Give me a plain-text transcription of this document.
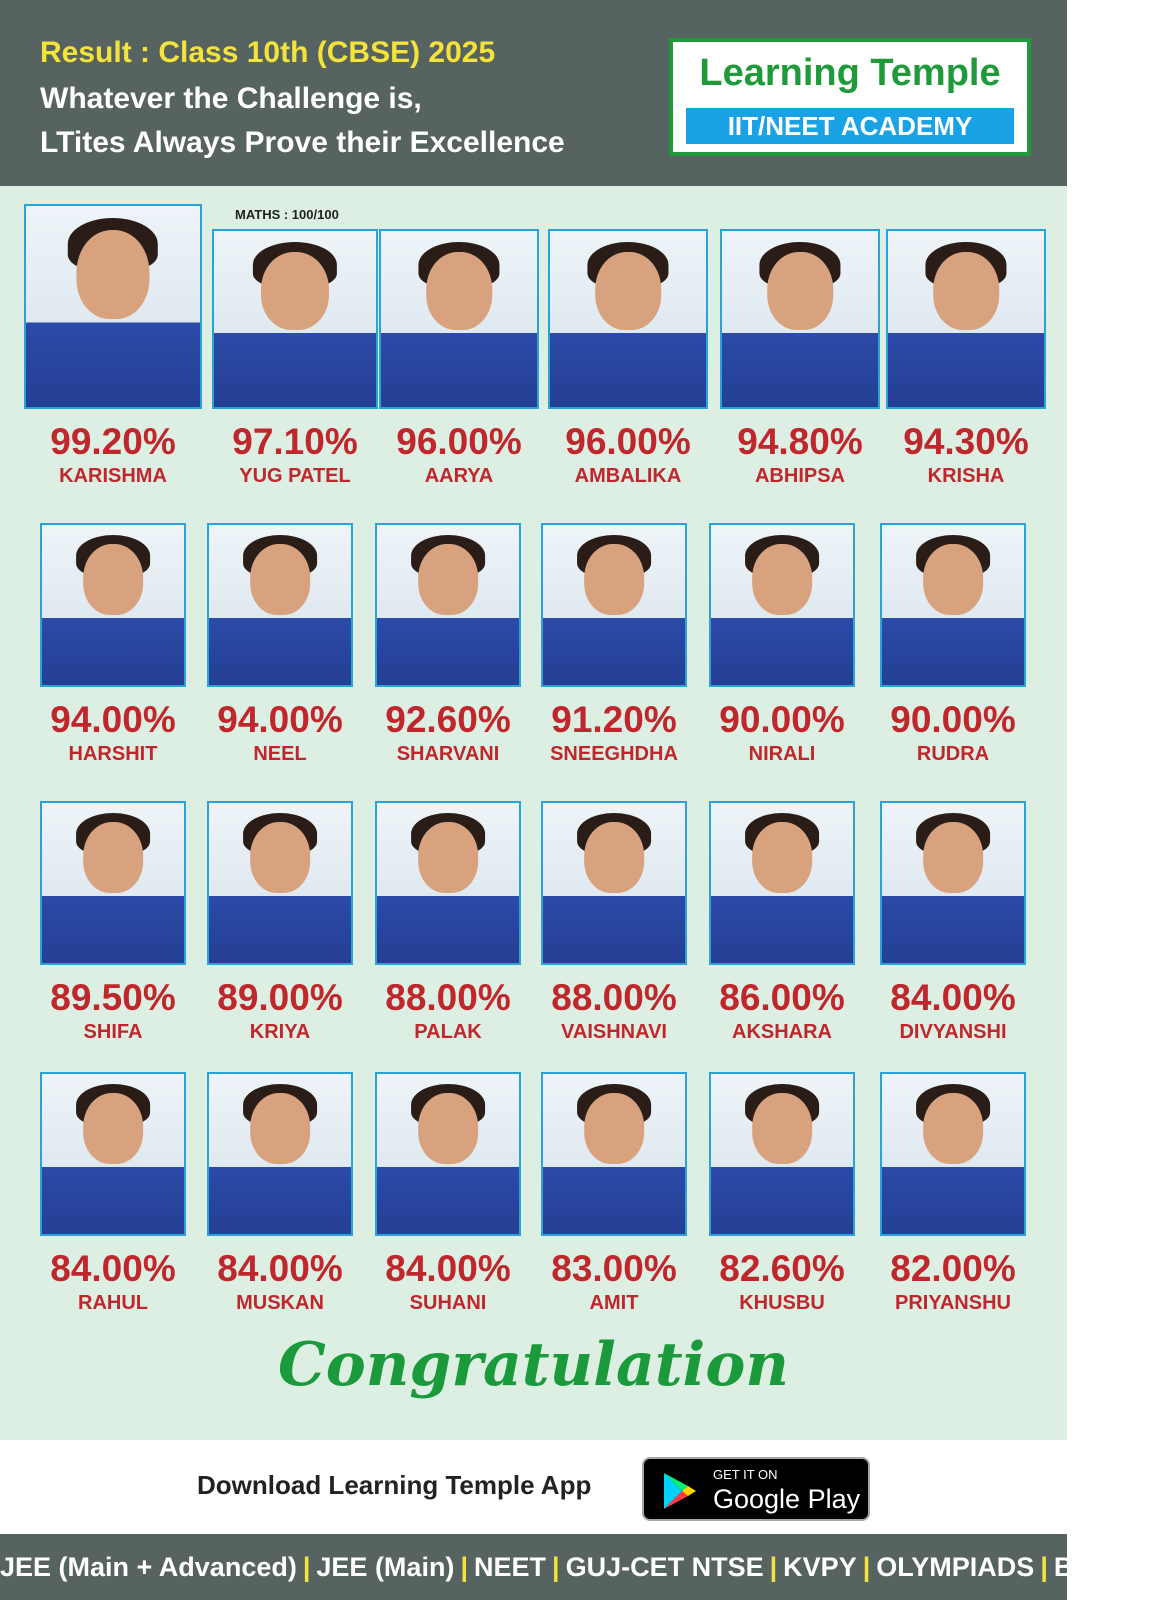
Result : Class 10th (CBSE) 2025
Whatever the Challenge is,
LTites Always Prove their Excellence
Learning Temple
IIT/NEET ACADEMY
MATHS : 100/100
99.20%
KARISHMA
97.10%
YUG PATEL
96.00%
AARYA
96.00%
AMBALIKA
94.80%
ABHIPSA
94.30%
KRISHA
94.00%
HARSHIT
94.00%
NEEL
92.60%
SHARVANI
91.20%
SNEEGHDHA
90.00%
NIRALI
90.00%
RUDRA
89.50%
SHIFA
89.00%
KRIYA
88.00%
PALAK
88.00%
VAISHNAVI
86.00%
AKSHARA
84.00%
DIVYANSHI
84.00%
RAHUL
84.00%
MUSKAN
84.00%
SUHANI
83.00%
AMIT
82.60%
KHUSBU
82.00%
PRIYANSHU
Congratulation
Download Learning Temple App	GET IT ON
Google Play
JEE (Main + Advanced) | JEE (Main) | NEET | GUJ-CET NTSE | KVPY | OLYMPIADS | BOARD
